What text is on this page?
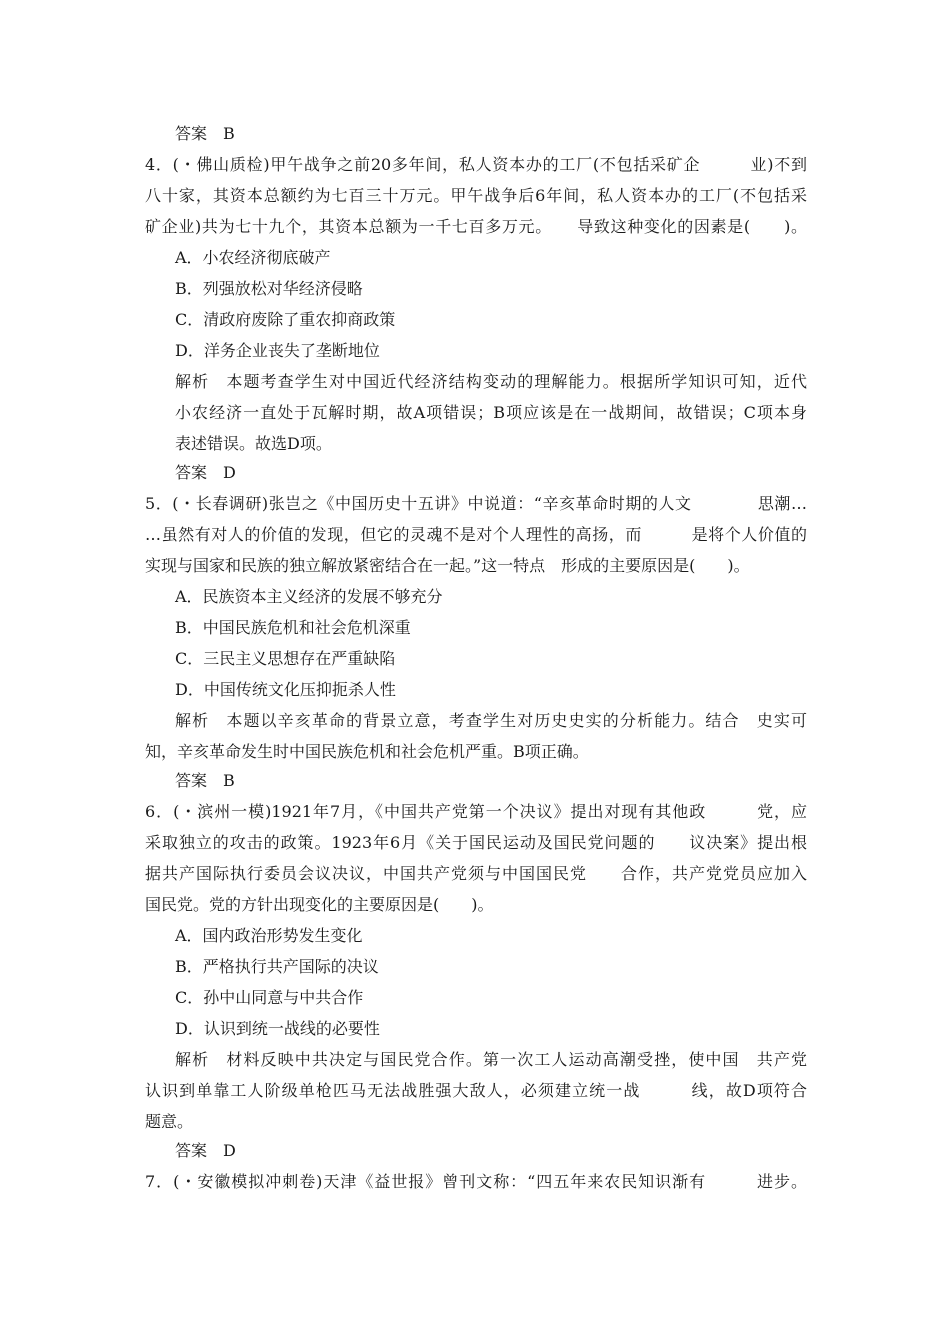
答案　B
4．(・佛山质检)甲午战争之前20多年间，私人资本办的工厂(不包括采矿企　　　业)不到
八十家，其资本总额约为七百三十万元。甲午战争后6年间，私人资本办的工厂(不包括采
矿企业)共为七十九个，其资本总额为一千七百多万元。　　导致这种变化的因素是(　　)。
A．小农经济彻底破产
B．列强放松对华经济侵略
C．清政府废除了重农抑商政策
D．洋务企业丧失了垄断地位
解析　本题考查学生对中国近代经济结构变动的理解能力。根据所学知识可知，近代
小农经济一直处于瓦解时期，故A项错误；B项应该是在一战期间，故错误；C项本身
表述错误。故选D项。
答案　D
5．(・长春调研)张岂之《中国历史十五讲》中说道：“辛亥革命时期的人文　　　　思潮…
…虽然有对人的价值的发现，但它的灵魂不是对个人理性的高扬，而　　　是将个人价值的
实现与国家和民族的独立解放紧密结合在一起。”这一特点　形成的主要原因是(　　)。
A．民族资本主义经济的发展不够充分
B．中国民族危机和社会危机深重
C．三民主义思想存在严重缺陷
D．中国传统文化压抑扼杀人性
解析　本题以辛亥革命的背景立意，考查学生对历史史实的分析能力。结合　史实可
知，辛亥革命发生时中国民族危机和社会危机严重。B项正确。
答案　B
6．(・滨州一模)1921年7月，《中国共产党第一个决议》提出对现有其他政　　　党，应
采取独立的攻击的政策。1923年6月《关于国民运动及国民党问题的　　议决案》提出根
据共产国际执行委员会议决议，中国共产党须与中国国民党　　合作，共产党党员应加入
国民党。党的方针出现变化的主要原因是(　　)。
A．国内政治形势发生变化
B．严格执行共产国际的决议
C．孙中山同意与中共合作
D．认识到统一战线的必要性
解析　材料反映中共决定与国民党合作。第一次工人运动高潮受挫，使中国　共产党
认识到单靠工人阶级单枪匹马无法战胜强大敌人，必须建立统一战　　　线，故D项符合
题意。
答案　D
7．(・安徽模拟冲刺卷)天津《益世报》曾刊文称：“四五年来农民知识渐有　　　进步。
